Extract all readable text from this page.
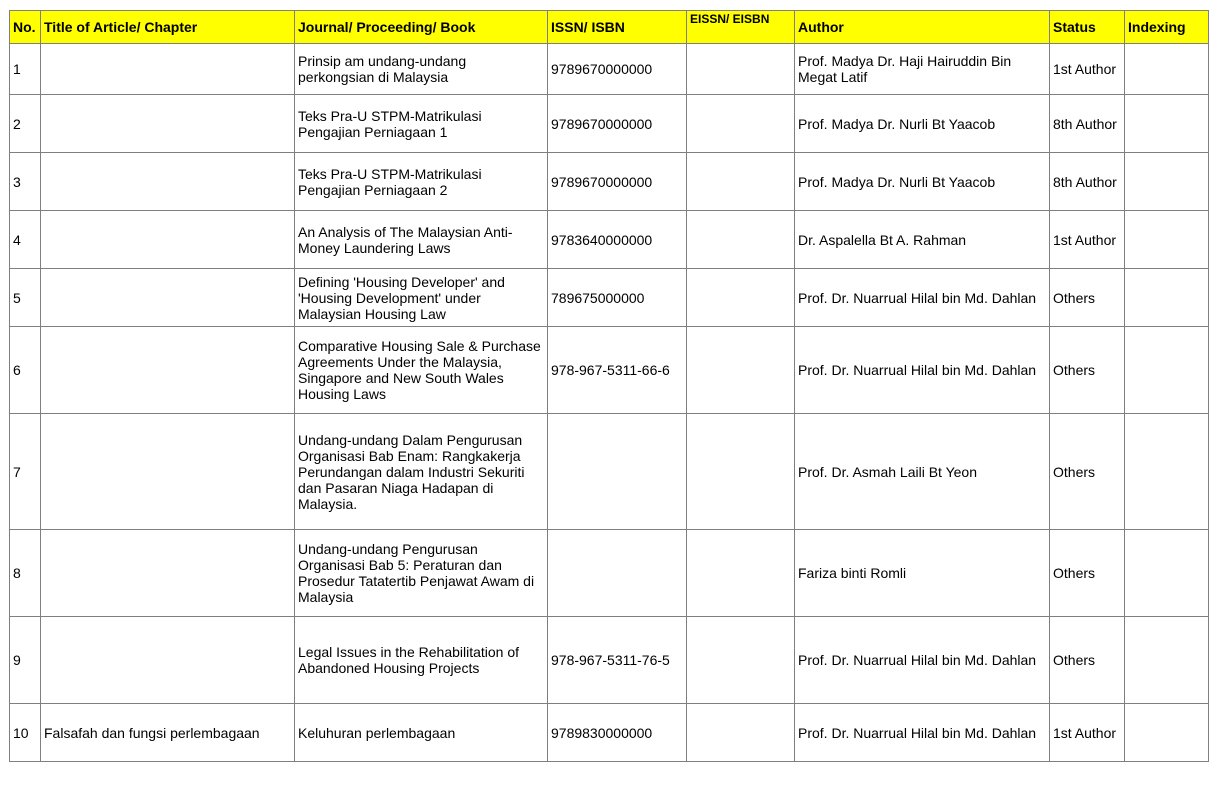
No.	Title of Article/ Chapter	Journal/ Proceeding/ Book	ISSN/ ISBN	EISSN/ EISBN	Author	Status	Indexing
1		Prinsip am undang-undang perkongsian di Malaysia	9789670000000		Prof. Madya Dr. Haji Hairuddin Bin Megat Latif	1st Author	
2		Teks Pra-U STPM-Matrikulasi Pengajian Perniagaan 1	9789670000000		Prof. Madya Dr. Nurli Bt Yaacob	8th Author	
3		Teks Pra-U STPM-Matrikulasi Pengajian Perniagaan 2	9789670000000		Prof. Madya Dr. Nurli Bt Yaacob	8th Author	
4		An Analysis of The Malaysian Anti-Money Laundering Laws	9783640000000		Dr. Aspalella Bt A. Rahman	1st Author	
5		Defining 'Housing Developer' and 'Housing Development' under Malaysian Housing Law	789675000000		Prof. Dr. Nuarrual Hilal bin Md. Dahlan	Others	
6		Comparative Housing Sale & Purchase Agreements Under the Malaysia, Singapore and New South Wales Housing Laws	978-967-5311-66-6		Prof. Dr. Nuarrual Hilal bin Md. Dahlan	Others	
7		Undang-undang Dalam Pengurusan Organisasi Bab Enam: Rangkakerja Perundangan dalam Industri Sekuriti dan Pasaran Niaga Hadapan di Malaysia.			Prof. Dr. Asmah Laili Bt Yeon	Others	
8		Undang-undang Pengurusan Organisasi Bab 5: Peraturan dan Prosedur Tatatertib Penjawat Awam di Malaysia			Fariza binti Romli	Others	
9		Legal Issues in the Rehabilitation of Abandoned Housing Projects	978-967-5311-76-5		Prof. Dr. Nuarrual Hilal bin Md. Dahlan	Others	
10	Falsafah dan fungsi perlembagaan	Keluhuran perlembagaan	9789830000000		Prof. Dr. Nuarrual Hilal bin Md. Dahlan	1st Author	
